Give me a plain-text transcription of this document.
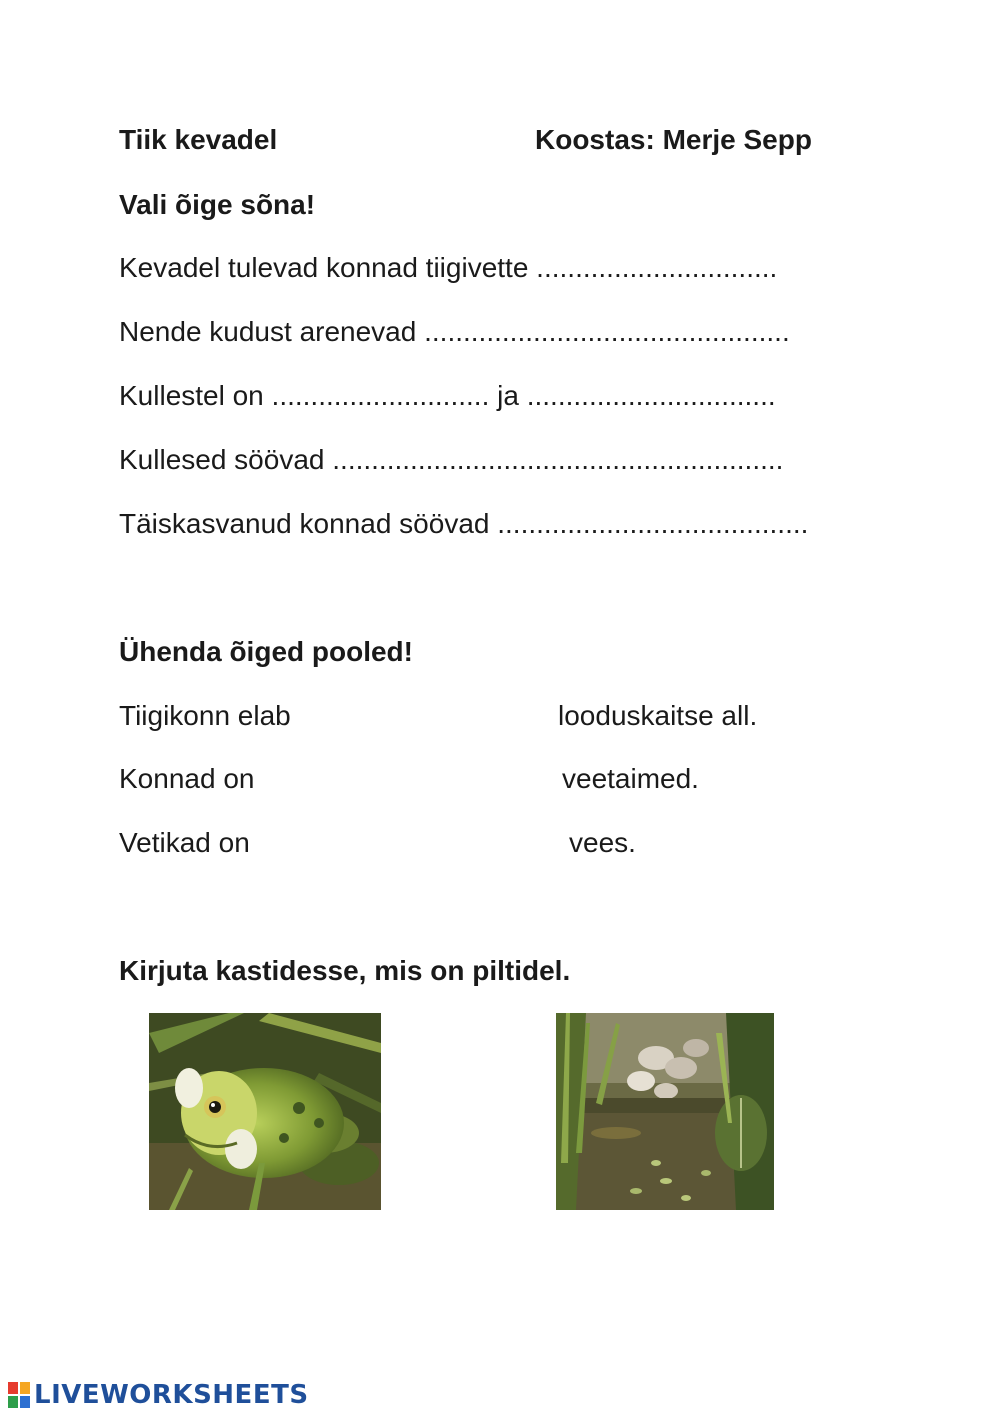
Tiik kevadel	Koostas: Merje Sepp
Vali õige sõna!
Kevadel tulevad konnad tiigivette ...............................
Nende kudust arenevad ...............................................
Kullestel on ............................ ja ................................
Kullesed söövad ..........................................................
Täiskasvanud konnad söövad ........................................
Ühenda õiged pooled!
Tiigikonn elab	looduskaitse all.
Konnad on	veetaimed.
Vetikad on	vees.
Kirjuta kastidesse, mis on piltidel.
LIVEWORKSHEETS
